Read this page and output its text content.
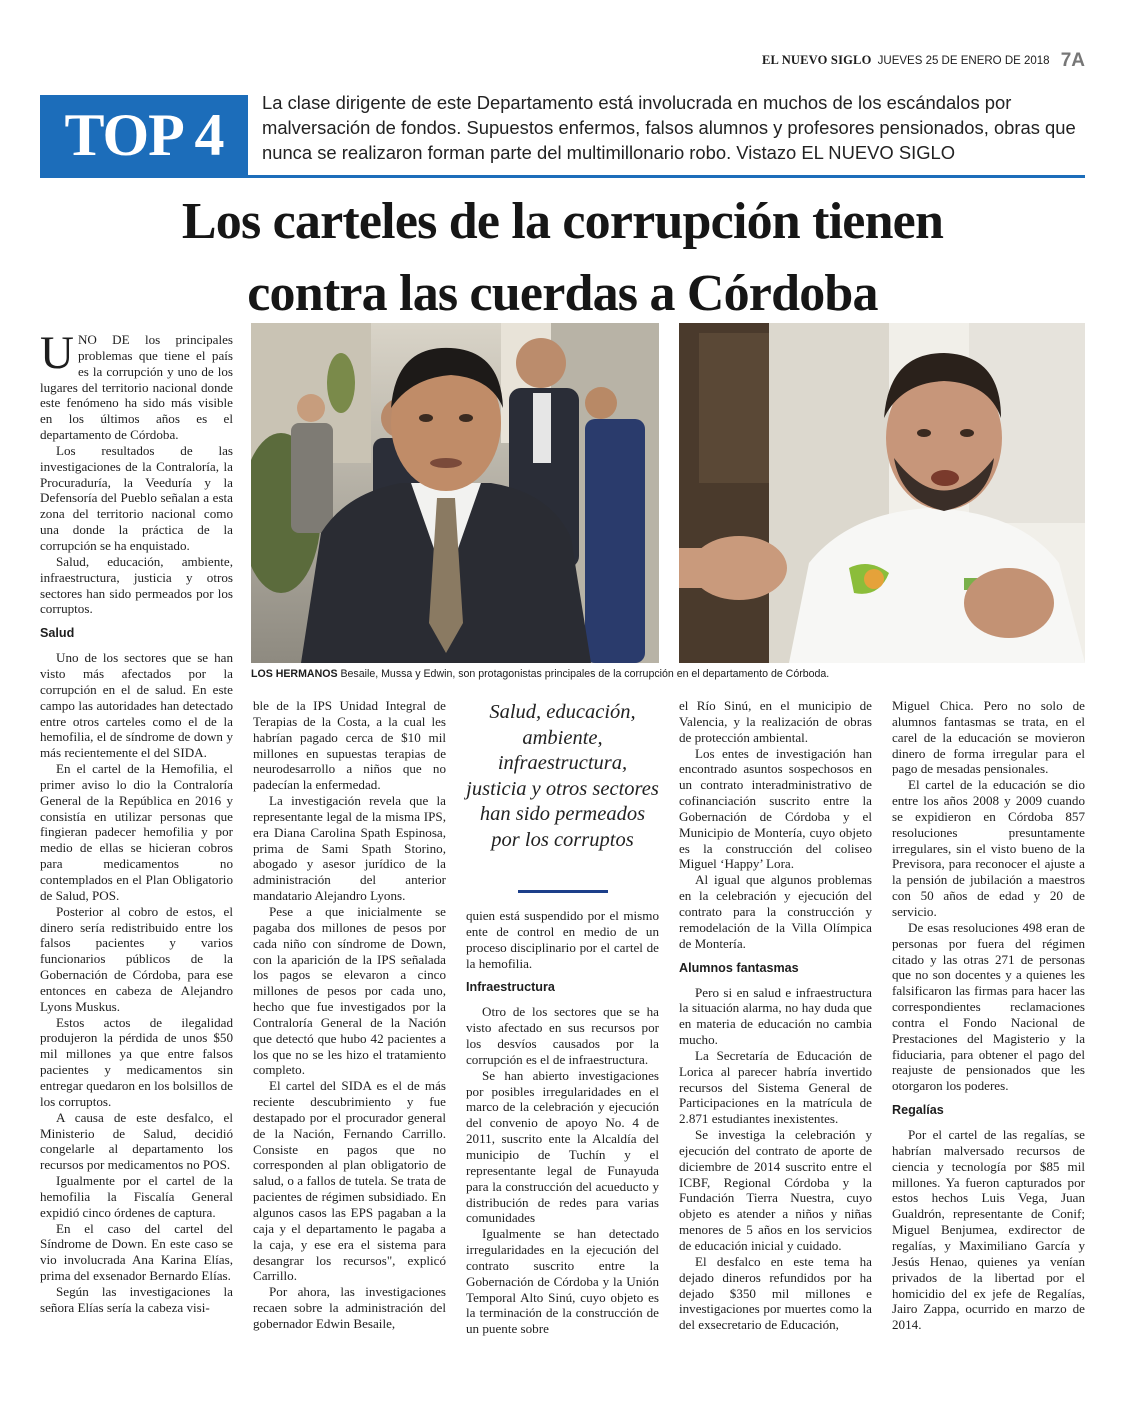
EL NUEVO SIGLO JUEVES 25 DE ENERO DE 2018 7A
TOP 4	La clase dirigente de este Departamento está involucrada en muchos de los escándalos por malversación de fondos. Supuestos enfermos, falsos alumnos y profesores pensionados, obras que nunca se realizaron forman parte del multimillonario robo. Vistazo EL NUEVO SIGLO
Los carteles de la corrupción tienen
contra las cuerdas a Córdoba
LOS HERMANOS Besaile, Mussa y Edwin, son protagonistas principales de la corrupción en el departamento de Córboda.

UNO DE los principales problemas que tiene el país es la corrupción y uno de los lugares del territorio nacional donde este fenómeno ha sido más visible en los últimos años es el departamento de Córdoba.

Los resultados de las investigaciones de la Contraloría, la Procuraduría, la Veeduría y la Defensoría del Pueblo señalan a esta zona del territorio nacional como una donde la práctica de la corrupción se ha enquistado.

Salud, educación, ambiente, infraestructura, justicia y otros sectores han sido permeados por los corruptos.

Salud

Uno de los sectores que se han visto más afectados por la corrupción en el de salud. En este campo las autoridades han detectado entre otros carteles como el de la hemofilia, el de síndrome de down y más recientemente el del SIDA.

En el cartel de la Hemofilia, el primer aviso lo dio la Contraloría General de la República en 2016 y consistía en utilizar personas que fingieran padecer hemofilia y por medio de ellas se hicieran cobros para medicamentos no contemplados en el Plan Obligatorio de Salud, POS.

Posterior al cobro de estos, el dinero sería redistribuido entre los falsos pacientes y varios funcionarios públicos de la Gobernación de Córdoba, para ese entonces en cabeza de Alejandro Lyons Muskus.

Estos actos de ilegalidad produjeron la pérdida de unos $50 mil millones ya que entre falsos pacientes y medicamentos sin entregar quedaron en los bolsillos de los corruptos.

A causa de este desfalco, el Ministerio de Salud, decidió congelarle al departamento los recursos por medicamentos no POS.

Igualmente por el cartel de la hemofilia la Fiscalía General expidió cinco órdenes de captura.

En el caso del cartel del Síndrome de Down. En este caso se vio involucrada Ana Karina Elías, prima del exsenador Bernardo Elías.

Según las investigaciones la señora Elías sería la cabeza visi-

ble de la IPS Unidad Integral de Terapias de la Costa, a la cual les habrían pagado cerca de $10 mil millones en supuestas terapias de neurodesarrollo a niños que no padecían la enfermedad.

La investigación revela que la representante legal de la misma IPS, era Diana Carolina Spath Espinosa, prima de Sami Spath Storino, abogado y asesor jurídico de la administración del anterior mandatario Alejandro Lyons.

Pese a que inicialmente se pagaba dos millones de pesos por cada niño con síndrome de Down, con la aparición de la IPS señalada los pagos se elevaron a cinco millones de pesos por cada uno, hecho que fue investigados por la Contraloría General de la Nación que detectó que hubo 42 pacientes a los que no se les hizo el tratamiento completo.

El cartel del SIDA es el de más reciente descubrimiento y fue destapado por el procurador general de la Nación, Fernando Carrillo. Consiste en pagos que no corresponden al plan obligatorio de salud, o a fallos de tutela. Se trata de pacientes de régimen subsidiado. En algunos casos las EPS pagaban a la caja y el departamento le pagaba a la caja, y ese era el sistema para desangrar los recursos", explicó Carrillo.

Por ahora, las investigaciones recaen sobre la administración del gobernador Edwin Besaile,

Salud, educación, ambiente, infraestructura, justicia y otros sectores han sido permeados por los corruptos

quien está suspendido por el mismo ente de control en medio de un proceso disciplinario por el cartel de la hemofilia.

Infraestructura

Otro de los sectores que se ha visto afectado en sus recursos por los desvíos causados por la corrupción es el de infraestructura.

Se han abierto investigaciones por posibles irregularidades en el marco de la celebración y ejecución del convenio de apoyo No. 4 de 2011, suscrito ente la Alcaldía del municipio de Tuchín y el representante legal de Funayuda para la construcción del acueducto y distribución de redes para varias comunidades

Igualmente se han detectado irregularidades en la ejecución del contrato suscrito entre la Gobernación de Córdoba y la Unión Temporal Alto Sinú, cuyo objeto es la terminación de la construcción de un puente sobre

el Río Sinú, en el municipio de Valencia, y la realización de obras de protección ambiental.

Los entes de investigación han encontrado asuntos sospechosos en un contrato interadministrativo de cofinanciación suscrito entre la Gobernación de Córdoba y el Municipio de Montería, cuyo objeto es la construcción del coliseo Miguel ‘Happy’ Lora.

Al igual que algunos problemas en la celebración y ejecución del contrato para la construcción y remodelación de la Villa Olímpica de Montería.

Alumnos fantasmas

Pero si en salud e infraestructura la situación alarma, no hay duda que en materia de educación no cambia mucho.

La Secretaría de Educación de Lorica al parecer habría invertido recursos del Sistema General de Participaciones en la matrícula de 2.871 estudiantes inexistentes.

Se investiga la celebración y ejecución del contrato de aporte de diciembre de 2014 suscrito entre el ICBF, Regional Córdoba y la Fundación Tierra Nuestra, cuyo objeto es atender a niños y niñas menores de 5 años en los servicios de educación inicial y cuidado.

El desfalco en este tema ha dejado dineros refundidos por ha dejado $350 mil millones e investigaciones por muertes como la del exsecretario de Educación,

Miguel Chica. Pero no solo de alumnos fantasmas se trata, en el carel de la educación se movieron dinero de forma irregular para el pago de mesadas pensionales.

El cartel de la educación se dio entre los años 2008 y 2009 cuando se expidieron en Córdoba 857 resoluciones presuntamente irregulares, sin el visto bueno de la Previsora, para reconocer el ajuste a la pensión de jubilación a maestros con 50 años de edad y 20 de servicio.

De esas resoluciones 498 eran de personas por fuera del régimen citado y las otras 271 de personas que no son docentes y a quienes les falsificaron las firmas para hacer las correspondientes reclamaciones contra el Fondo Nacional de Prestaciones del Magisterio y la fiduciaria, para obtener el pago del reajuste de pensionados que les otorgaron los poderes.

Regalías

Por el cartel de las regalías, se habrían malversado recursos de ciencia y tecnología por $85 mil millones. Ya fueron capturados por estos hechos Luis Vega, Juan Gualdrón, representante de Conif; Miguel Benjumea, exdirector de regalías, y Maximiliano García y Jesús Henao, quienes ya venían privados de la libertad por el homicidio del ex jefe de Regalías, Jairo Zappa, ocurrido en marzo de 2014.
